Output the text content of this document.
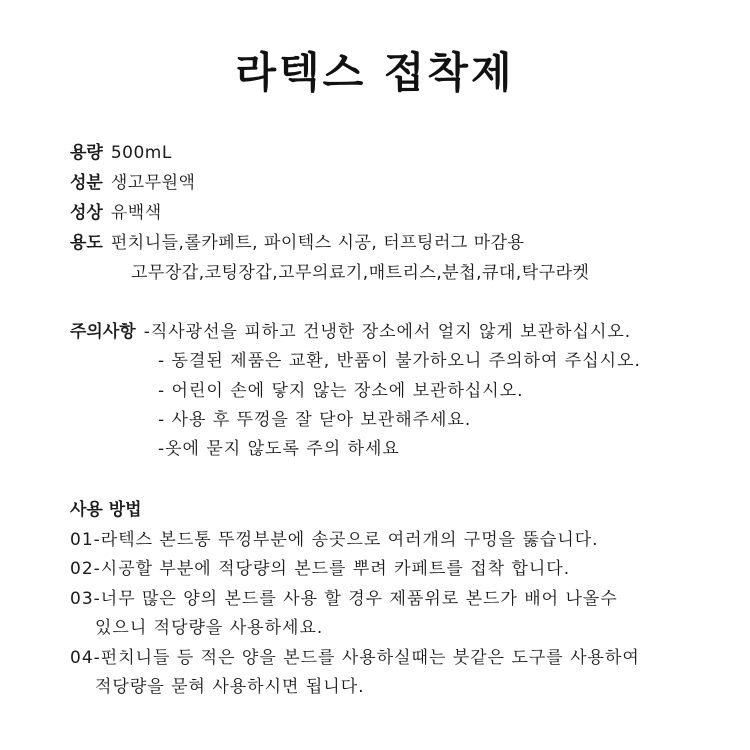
라텍스 접착제
용량 500mL
성분 생고무원액
성상 유백색
용도 펀치니들,롤카페트, 파이텍스 시공, 터프팅러그 마감용
고무장갑,코팅장갑,고무의료기,매트리스,분첩,큐대,탁구라켓
주의사항 -직사광선을 피하고 건냉한 장소에서 얼지 않게 보관하십시오.
- 동결된 제품은 교환, 반품이 불가하오니 주의하여 주십시오.
- 어린이 손에 닿지 않는 장소에 보관하십시오.
- 사용 후 뚜껑을 잘 닫아 보관해주세요.
-옷에 묻지 않도록 주의 하세요
사용 방법
01-라텍스 본드통 뚜껑부분에 송곳으로 여러개의 구멍을 뚫습니다.
02-시공할 부분에 적당량의 본드를 뿌려 카페트를 접착 합니다.
03-너무 많은 양의 본드를 사용 할 경우 제품위로 본드가 배어 나올수
있으니 적당량을 사용하세요.
04-펀치니들 등 적은 양을 본드를 사용하실때는 붓같은 도구를 사용하여
적당량을 묻혀 사용하시면 됩니다.
